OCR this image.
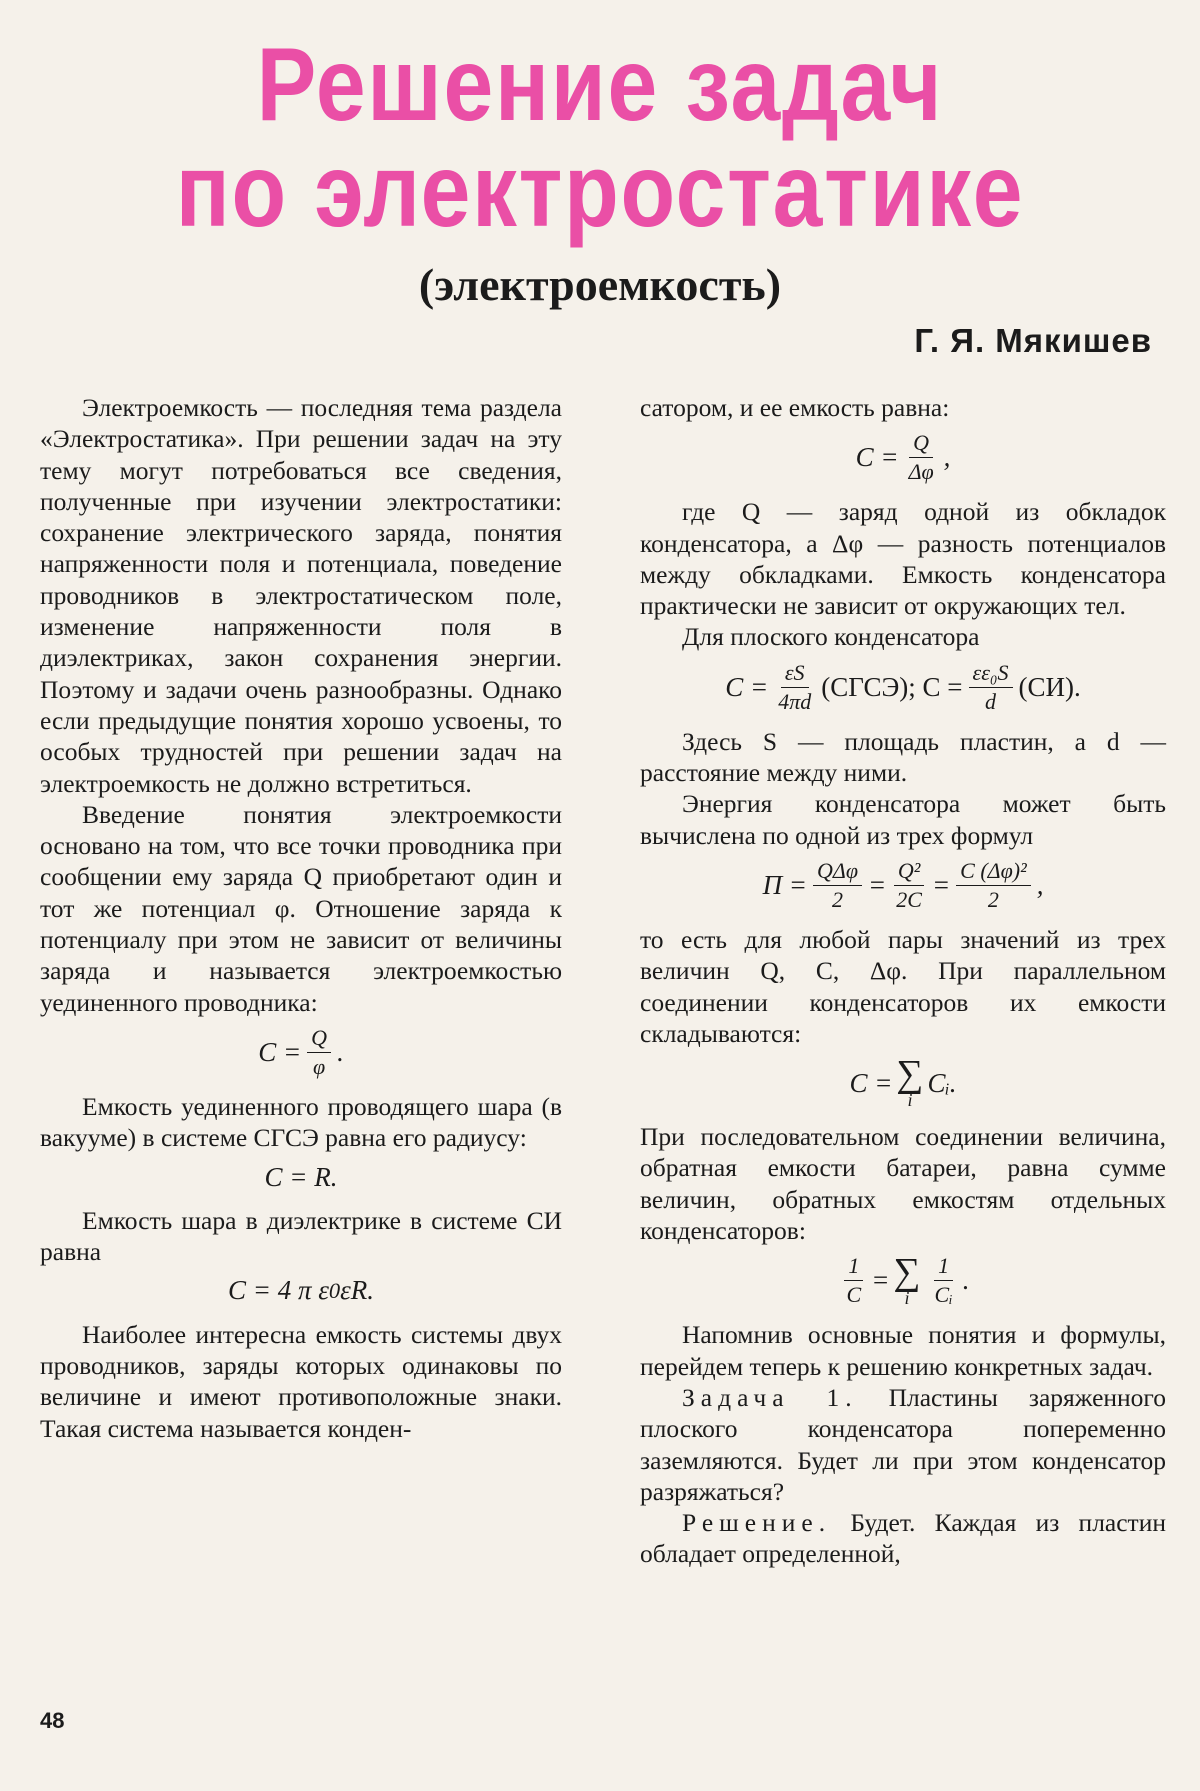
Решение задач
по электростатике
(электроемкость)
Г. Я. Мякишев

Электроемкость — последняя тема раздела «Электростатика». При решении задач на эту тему могут потребоваться все сведения, полученные при изучении электростатики: сохранение электрического заряда, понятия напряженности поля и потенциала, поведение проводников в электростатическом поле, изменение напряженности поля в диэлектриках, закон сохранения энергии. Поэтому и задачи очень разнообразны. Однако если предыдущие понятия хорошо усвоены, то особых трудностей при решении задач на электроемкость не должно встретиться.

Введение понятия электроемкости основано на том, что все точки проводника при сообщении ему заряда Q приобретают один и тот же потенциал φ. Отношение заряда к потенциалу при этом не зависит от величины заряда и называется электроемкостью уединенного проводника:

$C = \frac{Q}{\varphi}$ .

Емкость уединенного проводящего шара (в вакууме) в системе СГСЭ равна его радиусу:

C = R.

Емкость шара в диэлектрике в системе СИ равна

C = 4 π ε 0 εR.

Наиболее интересна емкость системы двух проводников, заряды которых одинаковы по величине и имеют противоположные знаки. Такая система называется конден-

сатором, и ее емкость равна:

$C = \frac{Q}{\Delta\varphi}$ ,

где Q — заряд одной из обкладок конденсатора, а Δφ — разность потенциалов между обкладками. Емкость конденсатора практически не зависит от окружающих тел.

Для плоского конденсатора

$C = \frac{\varepsilon S}{4\pi d}$ (СГСЭ); $C = \frac{\text{εε₀S}}{d} (СИ)$.

Здесь S — площадь пластин, а d — расстояние между ними.

Энергия конденсатора может быть вычислена по одной из трех формул

$П = \frac{\text{QΔφ}}{2} = \frac{\text{Q²}}{2C} = \frac{\text{C (Δφ)²}}{2}$ ,

то есть для любой пары значений из трех величин Q, C, Δφ. При параллельном соединении конденсаторов их емкости складываются:

C = ∑
i
Cᵢ.

При последовательном соединении величина, обратная емкости батареи, равна сумме величин, обратных емкостям отдельных конденсаторов:

$\frac{1}{C}$ = ∑
i $\frac{1}{\text{Cᵢ}}$ .

Напомнив основные понятия и формулы, перейдем теперь к решению конкретных задач.

Задача 1. Пластины заряженного плоского конденсатора попеременно заземляются. Будет ли при этом конденсатор разряжаться?

Решение. Будет. Каждая из пластин обладает определенной,

48
